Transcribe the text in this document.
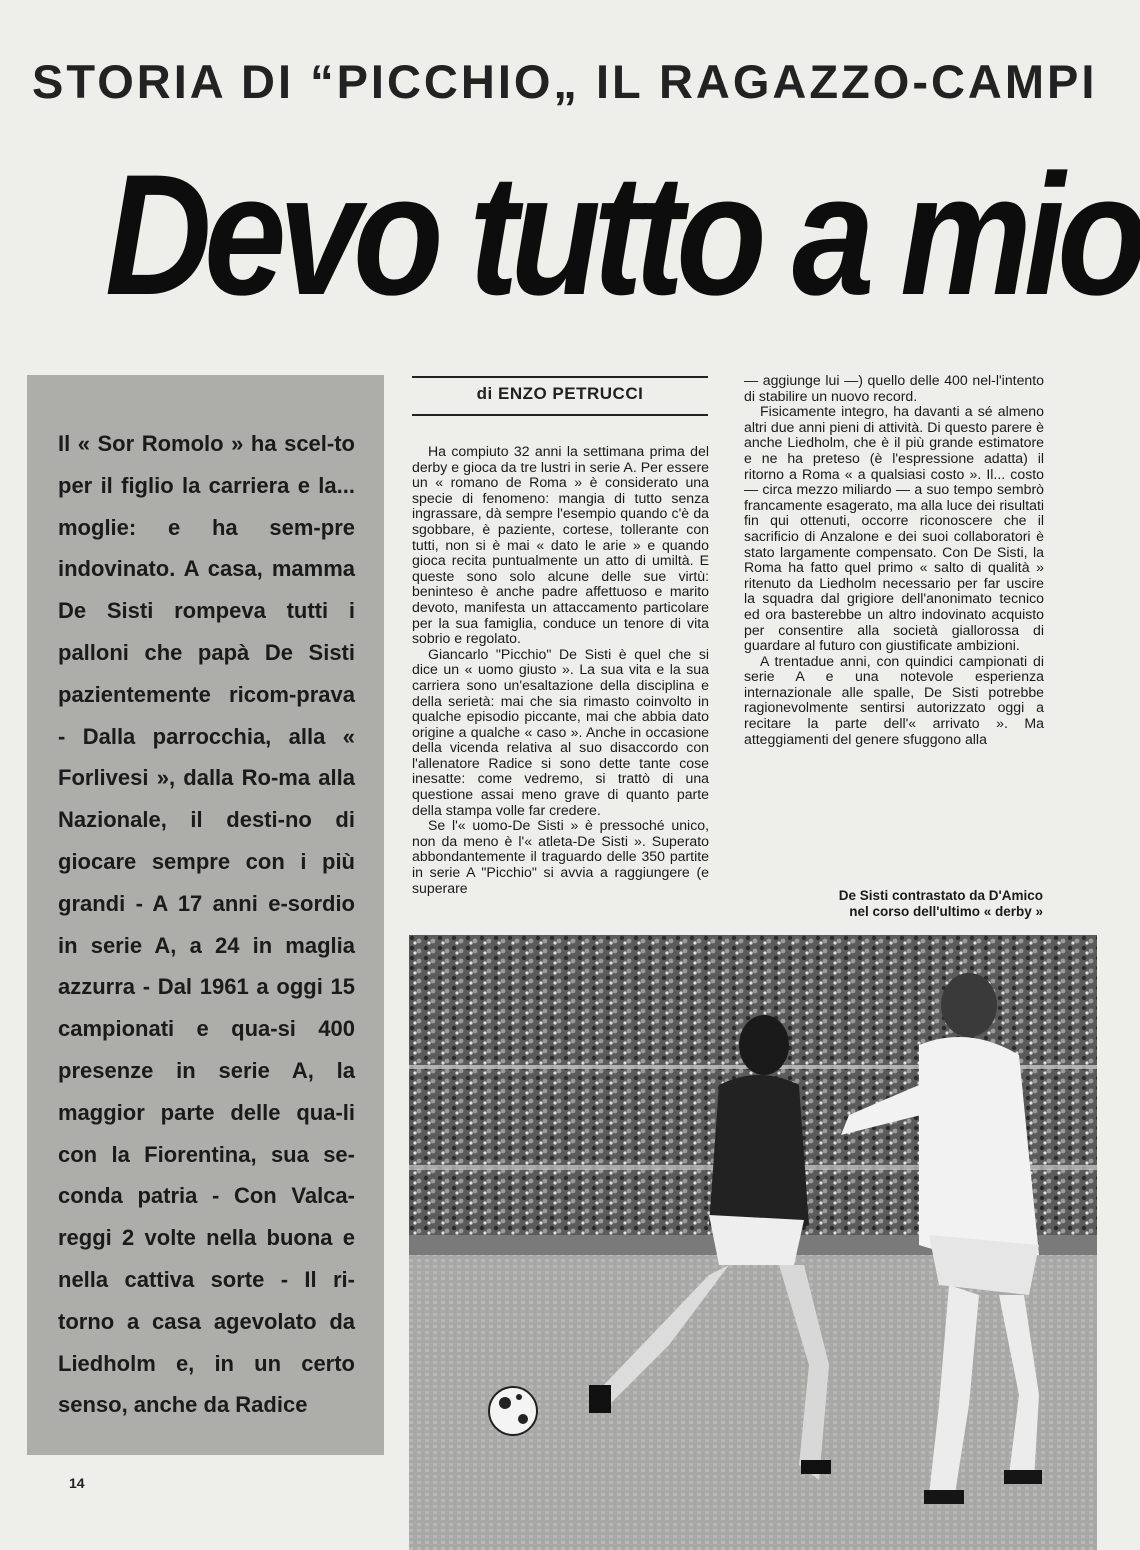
STORIA DI “PICCHIO„ IL RAGAZZO-CAMPI
Devo tutto a mio
Il « Sor Romolo » ha scel-to per il figlio la carriera e la... moglie: e ha sem-pre indovinato. A casa, mamma De Sisti rompeva tutti i palloni che papà De Sisti pazientemente ricom-prava - Dalla parrocchia, alla « Forlivesi », dalla Ro-ma alla Nazionale, il desti-no di giocare sempre con i più grandi - A 17 anni e-sordio in serie A, a 24 in maglia azzurra - Dal 1961 a oggi 15 campionati e qua-si 400 presenze in serie A, la maggior parte delle qua-li con la Fiorentina, sua se-conda patria - Con Valca-reggi 2 volte nella buona e nella cattiva sorte - Il ri-torno a casa agevolato da Liedholm e, in un certo senso, anche da Radice
di ENZO PETRUCCI

Ha compiuto 32 anni la settimana prima del derby e gioca da tre lustri in serie A. Per essere un « romano de Roma » è considerato una specie di fenomeno: mangia di tutto senza ingrassare, dà sempre l'esempio quando c'è da sgobbare, è paziente, cortese, tollerante con tutti, non si è mai « dato le arie » e quando gioca recita puntualmente un atto di umiltà. E queste sono solo alcune delle sue virtù: beninteso è anche padre affettuoso e marito devoto, manifesta un attaccamento particolare per la sua famiglia, conduce un tenore di vita sobrio e regolato.

Giancarlo "Picchio" De Sisti è quel che si dice un « uomo giusto ». La sua vita e la sua carriera sono un'esaltazione della disciplina e della serietà: mai che sia rimasto coinvolto in qualche episodio piccante, mai che abbia dato origine a qualche « caso ». Anche in occasione della vicenda relativa al suo disaccordo con l'allenatore Radice si sono dette tante cose inesatte: come vedremo, si trattò di una questione assai meno grave di quanto parte della stampa volle far credere.

Se l'« uomo-De Sisti » è pressoché unico, non da meno è l'« atleta-De Sisti ». Superato abbondantemente il traguardo delle 350 partite in serie A "Picchio" si avvia a raggiungere (e superare

— aggiunge lui —) quello delle 400 nel-l'intento di stabilire un nuovo record.

Fisicamente integro, ha davanti a sé almeno altri due anni pieni di attività. Di questo parere è anche Liedholm, che è il più grande estimatore e ne ha preteso (è l'espressione adatta) il ritorno a Roma « a qualsiasi costo ». Il... costo — circa mezzo miliardo — a suo tempo sembrò francamente esagerato, ma alla luce dei risultati fin qui ottenuti, occorre riconoscere che il sacrificio di Anzalone e dei suoi collaboratori è stato largamente compensato. Con De Sisti, la Roma ha fatto quel primo « salto di qualità » ritenuto da Liedholm necessario per far uscire la squadra dal grigiore dell'anonimato tecnico ed ora basterebbe un altro indovinato acquisto per consentire alla società giallorossa di guardare al futuro con giustificate ambizioni.

A trentadue anni, con quindici campionati di serie A e una notevole esperienza internazionale alle spalle, De Sisti potrebbe ragionevolmente sentirsi autorizzato oggi a recitare la parte dell'« arrivato ». Ma atteggiamenti del genere sfuggono alla

De Sisti contrastato da D'Amico
nel corso dell'ultimo « derby »
14
